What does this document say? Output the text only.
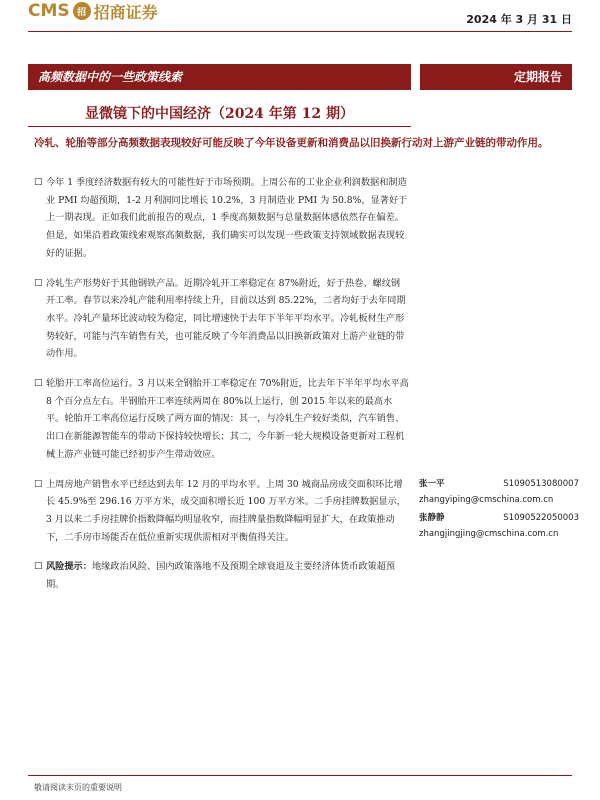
CMS 招 招商证券	2024 年 3 月 31 日
高频数据中的一些政策线索	定期报告
显微镜下的中国经济（2024 年第 12 期）
冷轧、轮胎等部分高频数据表现较好可能反映了今年设备更新和消费品以旧换新行动对上游产业链的带动作用。
□ 今年 1 季度经济数据有较大的可能性好于市场预期。上周公布的工业企业利润数据和制造业 PMI 均超预期，1-2 月利润同比增长 10.2%，3 月制造业 PMI 为 50.8%，显著好于上一期表现。正如我们此前报告的观点，1 季度高频数据与总量数据体感依然存在偏差。但是，如果沿着政策线索观察高频数据，我们确实可以发现一些政策支持领域数据表现较好的证据。
□ 冷轧生产形势好于其他钢铁产品。近期冷轧开工率稳定在 87%附近，好于热卷、螺纹钢开工率。春节以来冷轧产能利用率持续上升，目前以达到 85.22%，二者均好于去年同期水平。冷轧产量环比波动较为稳定，同比增速快于去年下半年平均水平。冷轧板材生产形势较好，可能与汽车销售有关，也可能反映了今年消费品以旧换新政策对上游产业链的带动作用。
□ 轮胎开工率高位运行。3 月以来全钢胎开工率稳定在 70%附近，比去年下半年平均水平高 8 个百分点左右。半钢胎开工率连续两周在 80%以上运行，创 2015 年以来的最高水平。轮胎开工率高位运行反映了两方面的情况：其一，与冷轧生产较好类似，汽车销售、出口在新能源智能车的带动下保持较快增长；其二，今年新一轮大规模设备更新对工程机械上游产业链可能已经初步产生带动效应。
□ 上周房地产销售水平已经达到去年 12 月的平均水平。上周 30 城商品房成交面积环比增长 45.9%至 296.16 万平方米，成交面积增长近 100 万平方米。二手房挂牌数据显示，3 月以来二手房挂牌价指数降幅均明显收窄，而挂牌量指数降幅明显扩大，在政策推动下，二手房市场能否在低位重新实现供需相对平衡值得关注。
□ 风险提示：地缘政治风险、国内政策落地不及预期全球衰退及主要经济体货币政策超预期。
张一平	S1090513080007
zhangyiping@cmschina.com.cn
张静静	S1090522050003
zhangjingjing@cmschina.com.cn
敬请阅读末页的重要说明
